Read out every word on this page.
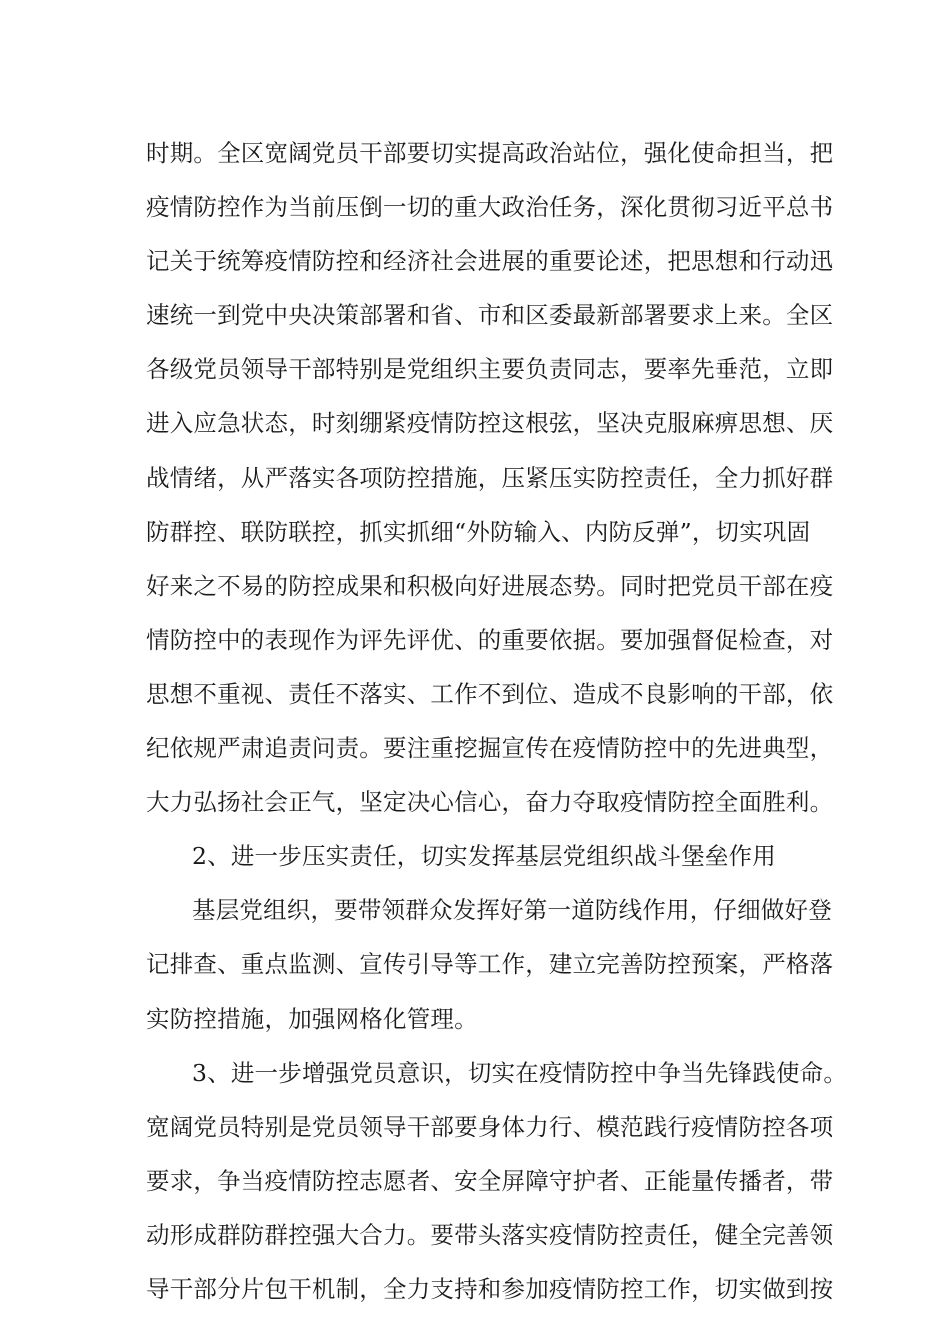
时期。全区宽阔党员干部要切实提高政治站位，强化使命担当，把
疫情防控作为当前压倒一切的重大政治任务，深化贯彻习近平总书
记关于统筹疫情防控和经济社会进展的重要论述，把思想和行动迅
速统一到党中央决策部署和省、市和区委最新部署要求上来。全区
各级党员领导干部特别是党组织主要负责同志，要率先垂范，立即
进入应急状态，时刻绷紧疫情防控这根弦，坚决克服麻痹思想、厌
战情绪，从严落实各项防控措施，压紧压实防控责任，全力抓好群
防群控、联防联控，抓实抓细“外防输入、内防反弹”，切实巩固
好来之不易的防控成果和积极向好进展态势。同时把党员干部在疫
情防控中的表现作为评先评优、的重要依据。要加强督促检查，对
思想不重视、责任不落实、工作不到位、造成不良影响的干部，依
纪依规严肃追责问责。要注重挖掘宣传在疫情防控中的先进典型，
大力弘扬社会正气，坚定决心信心，奋力夺取疫情防控全面胜利。
2、进一步压实责任，切实发挥基层党组织战斗堡垒作用
基层党组织，要带领群众发挥好第一道防线作用，仔细做好登
记排查、重点监测、宣传引导等工作，建立完善防控预案，严格落
实防控措施，加强网格化管理。
3、进一步增强党员意识，切实在疫情防控中争当先锋践使命。
宽阔党员特别是党员领导干部要身体力行、模范践行疫情防控各项
要求，争当疫情防控志愿者、安全屏障守护者、正能量传播者，带
动形成群防群控强大合力。要带头落实疫情防控责任，健全完善领
导干部分片包干机制，全力支持和参加疫情防控工作，切实做到按
